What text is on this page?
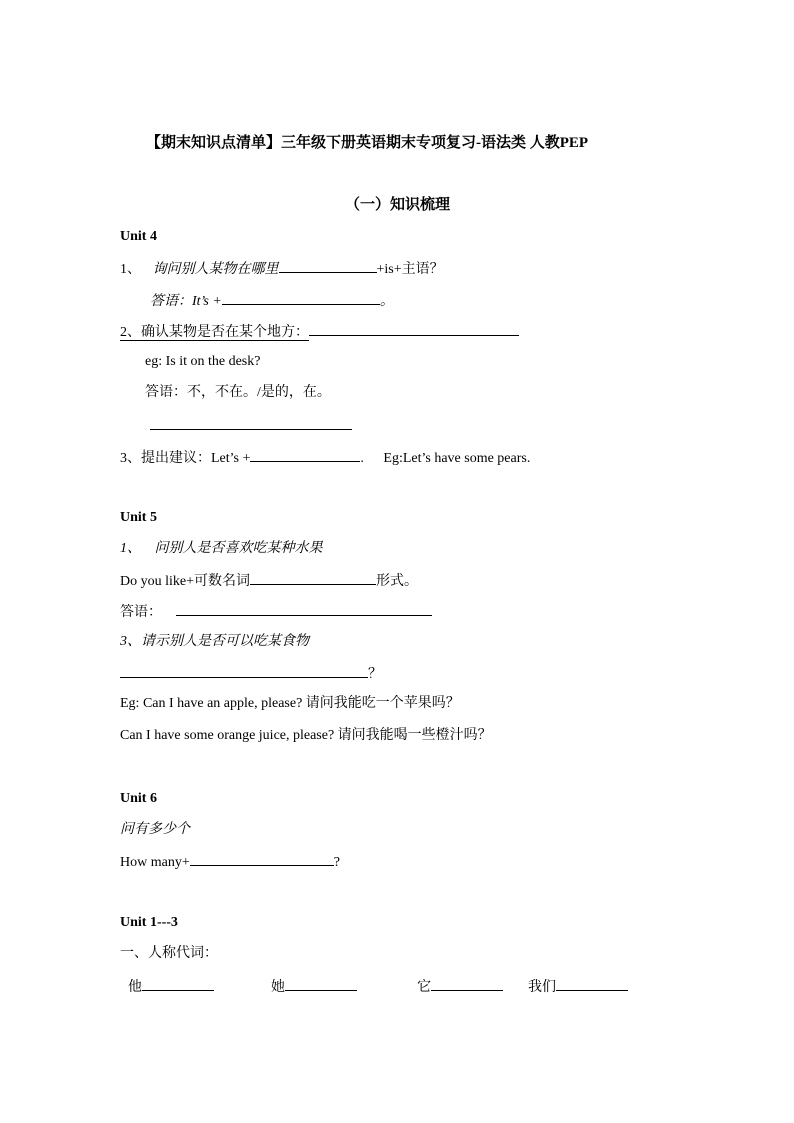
【期末知识点清单】三年级下册英语期末专项复习-语法类 人教PEP
（一）知识梳理
Unit 4
1、 询问别人某物在哪里	+is+主语？
答语：It’s +	。
2、确认某物是否在某个地方：
eg: Is it on the desk?
答语：不，不在。/是的，在。
3、提出建议：Let’s +	. Eg:Let’s have some pears.
Unit 5
1、 问别人是否喜欢吃某种水果
Do you like+可数名词	形式。
答语：
3、请示别人是否可以吃某食物
？
Eg: Can I have an apple, please? 请问我能吃一个苹果吗？
Can I have some orange juice, please? 请问我能喝一些橙汁吗？
Unit 6
问有多少个
How many+	?
Unit 1---3
一、人称代词：
他	她	它	我们
